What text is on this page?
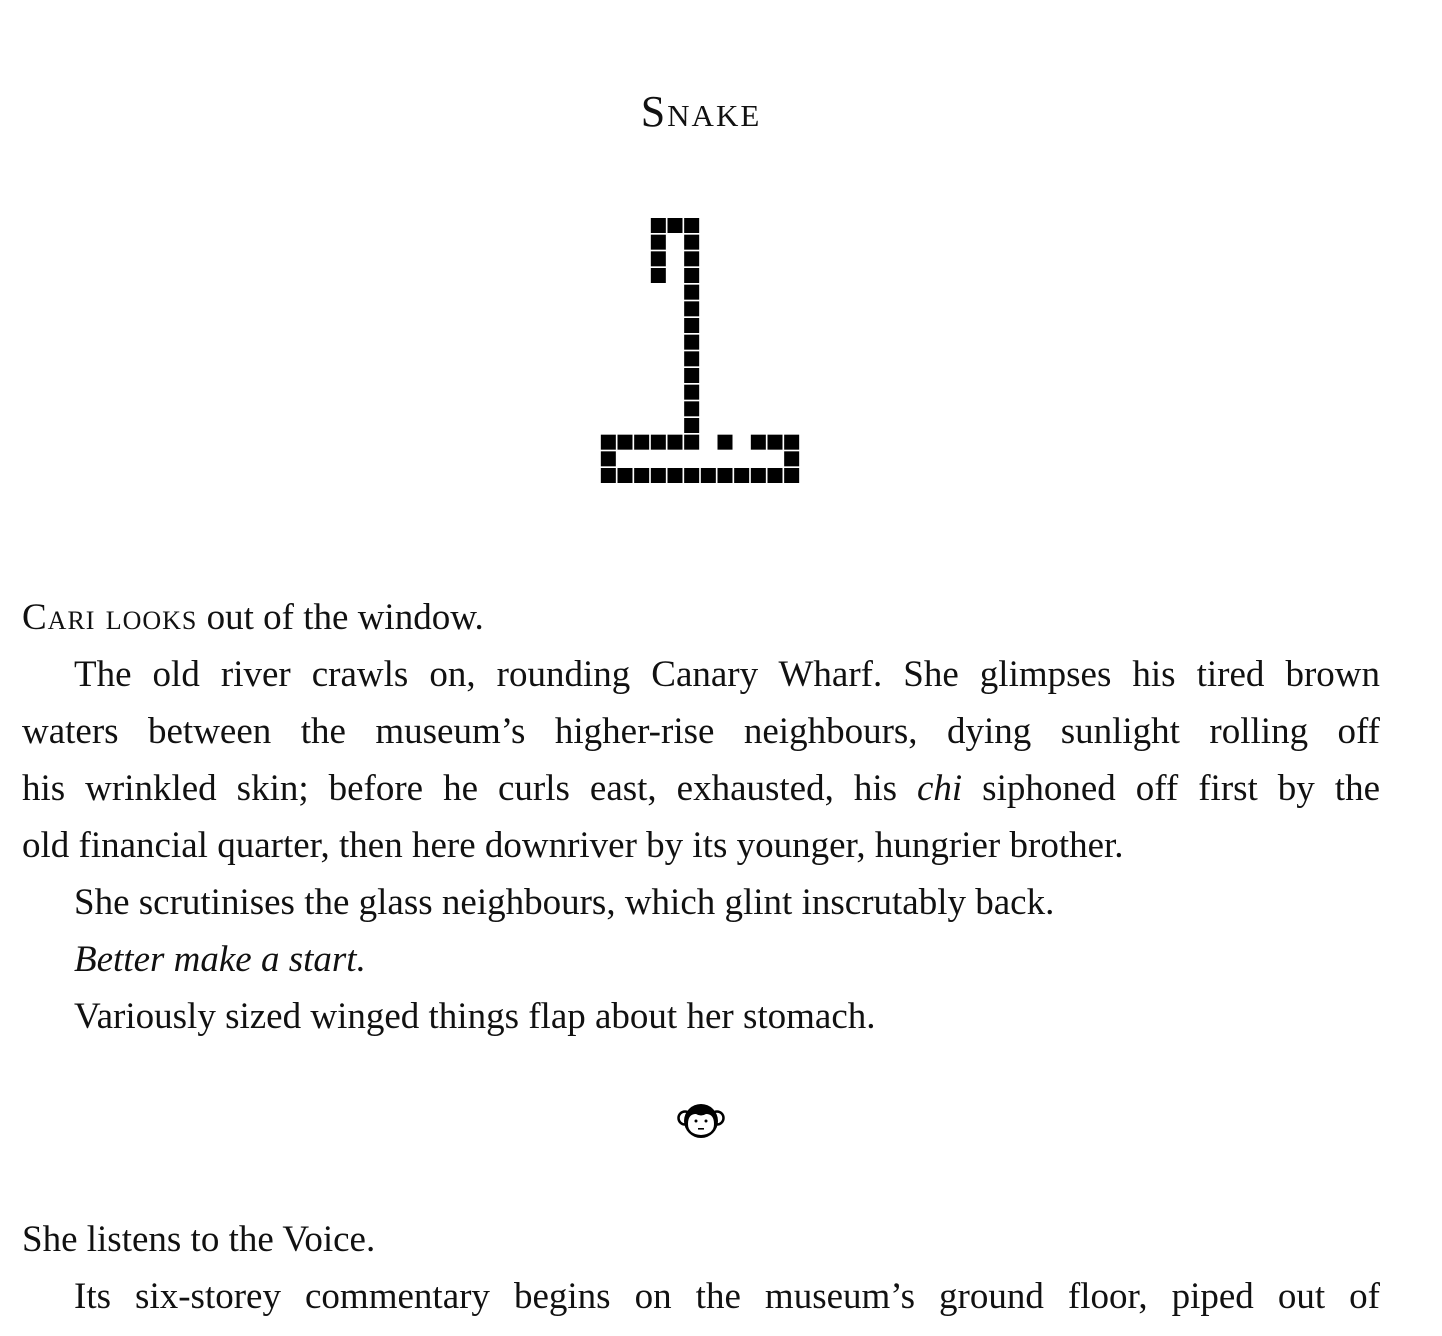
Snake
Cari looks out of the window.
The old river crawls on, rounding Canary Wharf. She glimpses his tired brown
waters between the museum’s higher-rise neighbours, dying sunlight rolling off
his wrinkled skin; before he curls east, exhausted, his chi siphoned off first by the
old financial quarter, then here downriver by its younger, hungrier brother.
She scrutinises the glass neighbours, which glint inscrutably back.
Better make a start.
Variously sized winged things flap about her stomach.
She listens to the Voice.
Its six-storey commentary begins on the museum’s ground floor, piped out of
